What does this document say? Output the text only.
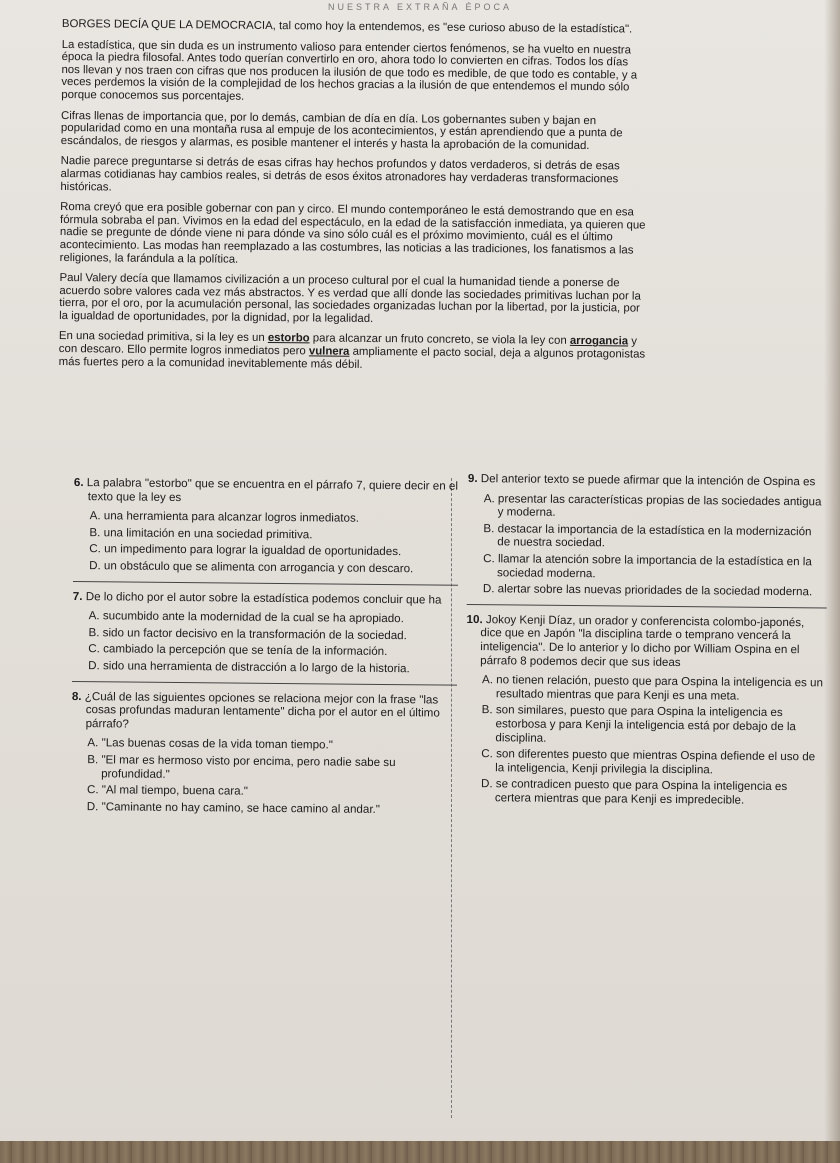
NUESTRA EXTRAÑA ÉPOCA

BORGES DECÍA QUE LA DEMOCRACIA, tal como hoy la entendemos, es "ese curioso abuso de la estadística".

La estadística, que sin duda es un instrumento valioso para entender ciertos fenómenos, se ha vuelto en nuestra época la piedra filosofal. Antes todo querían convertirlo en oro, ahora todo lo convierten en cifras. Todos los días nos llevan y nos traen con cifras que nos producen la ilusión de que todo es medible, de que todo es contable, y a veces perdemos la visión de la complejidad de los hechos gracias a la ilusión de que entendemos el mundo sólo porque conocemos sus porcentajes.

Cifras llenas de importancia que, por lo demás, cambian de día en día. Los gobernantes suben y bajan en popularidad como en una montaña rusa al empuje de los acontecimientos, y están aprendiendo que a punta de escándalos, de riesgos y alarmas, es posible mantener el interés y hasta la aprobación de la comunidad.

Nadie parece preguntarse si detrás de esas cifras hay hechos profundos y datos verdaderos, si detrás de esas alarmas cotidianas hay cambios reales, si detrás de esos éxitos atronadores hay verdaderas transformaciones históricas.

Roma creyó que era posible gobernar con pan y circo. El mundo contemporáneo le está demostrando que en esa fórmula sobraba el pan. Vivimos en la edad del espectáculo, en la edad de la satisfacción inmediata, ya quieren que nadie se pregunte de dónde viene ni para dónde va sino sólo cuál es el próximo movimiento, cuál es el último acontecimiento. Las modas han reemplazado a las costumbres, las noticias a las tradiciones, los fanatismos a las religiones, la farándula a la política.

Paul Valery decía que llamamos civilización a un proceso cultural por el cual la humanidad tiende a ponerse de acuerdo sobre valores cada vez más abstractos. Y es verdad que allí donde las sociedades primitivas luchan por la tierra, por el oro, por la acumulación personal, las sociedades organizadas luchan por la libertad, por la justicia, por la igualdad de oportunidades, por la dignidad, por la legalidad.

En una sociedad primitiva, si la ley es un estorbo para alcanzar un fruto concreto, se viola la ley con arrogancia y con descaro. Ello permite logros inmediatos pero vulnera ampliamente el pacto social, deja a algunos protagonistas más fuertes pero a la comunidad inevitablemente más débil.

6. La palabra "estorbo" que se encuentra en el párrafo 7, quiere decir en el texto que la ley es
A. una herramienta para alcanzar logros inmediatos.
B. una limitación en una sociedad primitiva.
C. un impedimento para lograr la igualdad de oportunidades.
D. un obstáculo que se alimenta con arrogancia y con descaro.
7. De lo dicho por el autor sobre la estadística podemos concluir que ha
A. sucumbido ante la modernidad de la cual se ha apropiado.
B. sido un factor decisivo en la transformación de la sociedad.
C. cambiado la percepción que se tenía de la información.
D. sido una herramienta de distracción a lo largo de la historia.
8. ¿Cuál de las siguientes opciones se relaciona mejor con la frase "las cosas profundas maduran lentamente" dicha por el autor en el último párrafo?
A. "Las buenas cosas de la vida toman tiempo."
B. "El mar es hermoso visto por encima, pero nadie sabe su profundidad."
C. "Al mal tiempo, buena cara."
D. "Caminante no hay camino, se hace camino al andar."
9. Del anterior texto se puede afirmar que la intención de Ospina es
A. presentar las características propias de las sociedades antigua y moderna.
B. destacar la importancia de la estadística en la modernización de nuestra sociedad.
C. llamar la atención sobre la importancia de la estadística en la sociedad moderna.
D. alertar sobre las nuevas prioridades de la sociedad moderna.
10. Jokoy Kenji Díaz, un orador y conferencista colombo-japonés, dice que en Japón "la disciplina tarde o temprano vencerá la inteligencia". De lo anterior y lo dicho por William Ospina en el párrafo 8 podemos decir que sus ideas
A. no tienen relación, puesto que para Ospina la inteligencia es un resultado mientras que para Kenji es una meta.
B. son similares, puesto que para Ospina la inteligencia es estorbosa y para Kenji la inteligencia está por debajo de la disciplina.
C. son diferentes puesto que mientras Ospina defiende el uso de la inteligencia, Kenji privilegia la disciplina.
D. se contradicen puesto que para Ospina la inteligencia es certera mientras que para Kenji es impredecible.
